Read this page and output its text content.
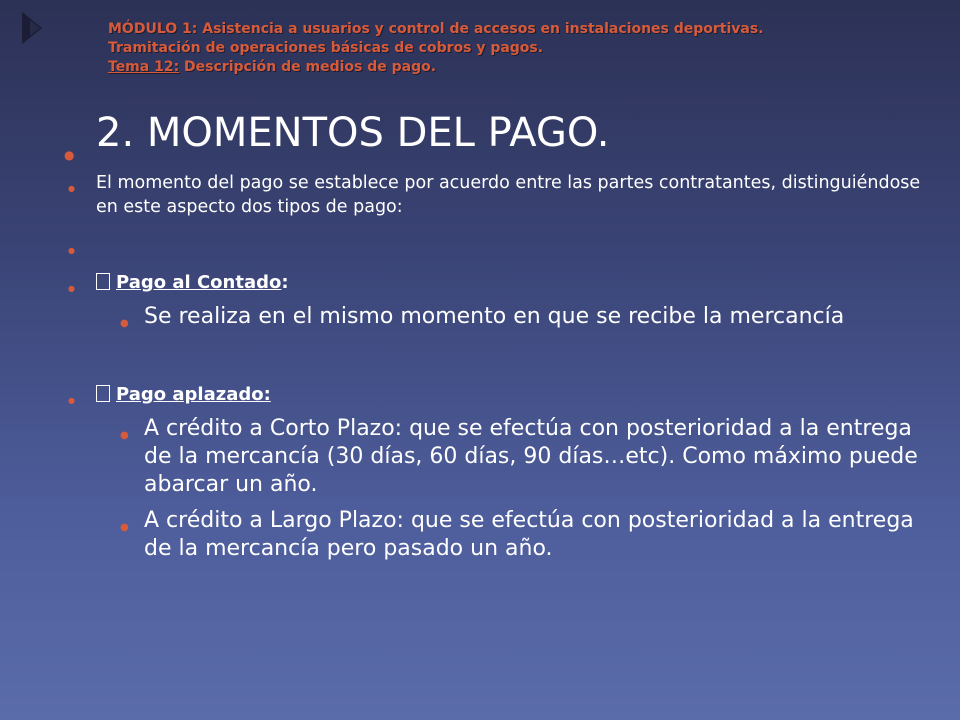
MÓDULO 1: Asistencia a usuarios y control de accesos en instalaciones deportivas.
Tramitación de operaciones básicas de cobros y pagos.
Tema 12: Descripción de medios de pago.
● 2. MOMENTOS DEL PAGO.
● El momento del pago se establece por acuerdo entre las partes contratantes, distinguiéndose en este aspecto dos tipos de pago:
●
● Pago al Contado:
● Se realiza en el mismo momento en que se recibe la mercancía
● Pago aplazado:
● A crédito a Corto Plazo: que se efectúa con posterioridad a la entrega de la mercancía (30 días, 60 días, 90 días…etc). Como máximo puede abarcar un año.
● A crédito a Largo Plazo: que se efectúa con posterioridad a la entrega de la mercancía pero pasado un año.
